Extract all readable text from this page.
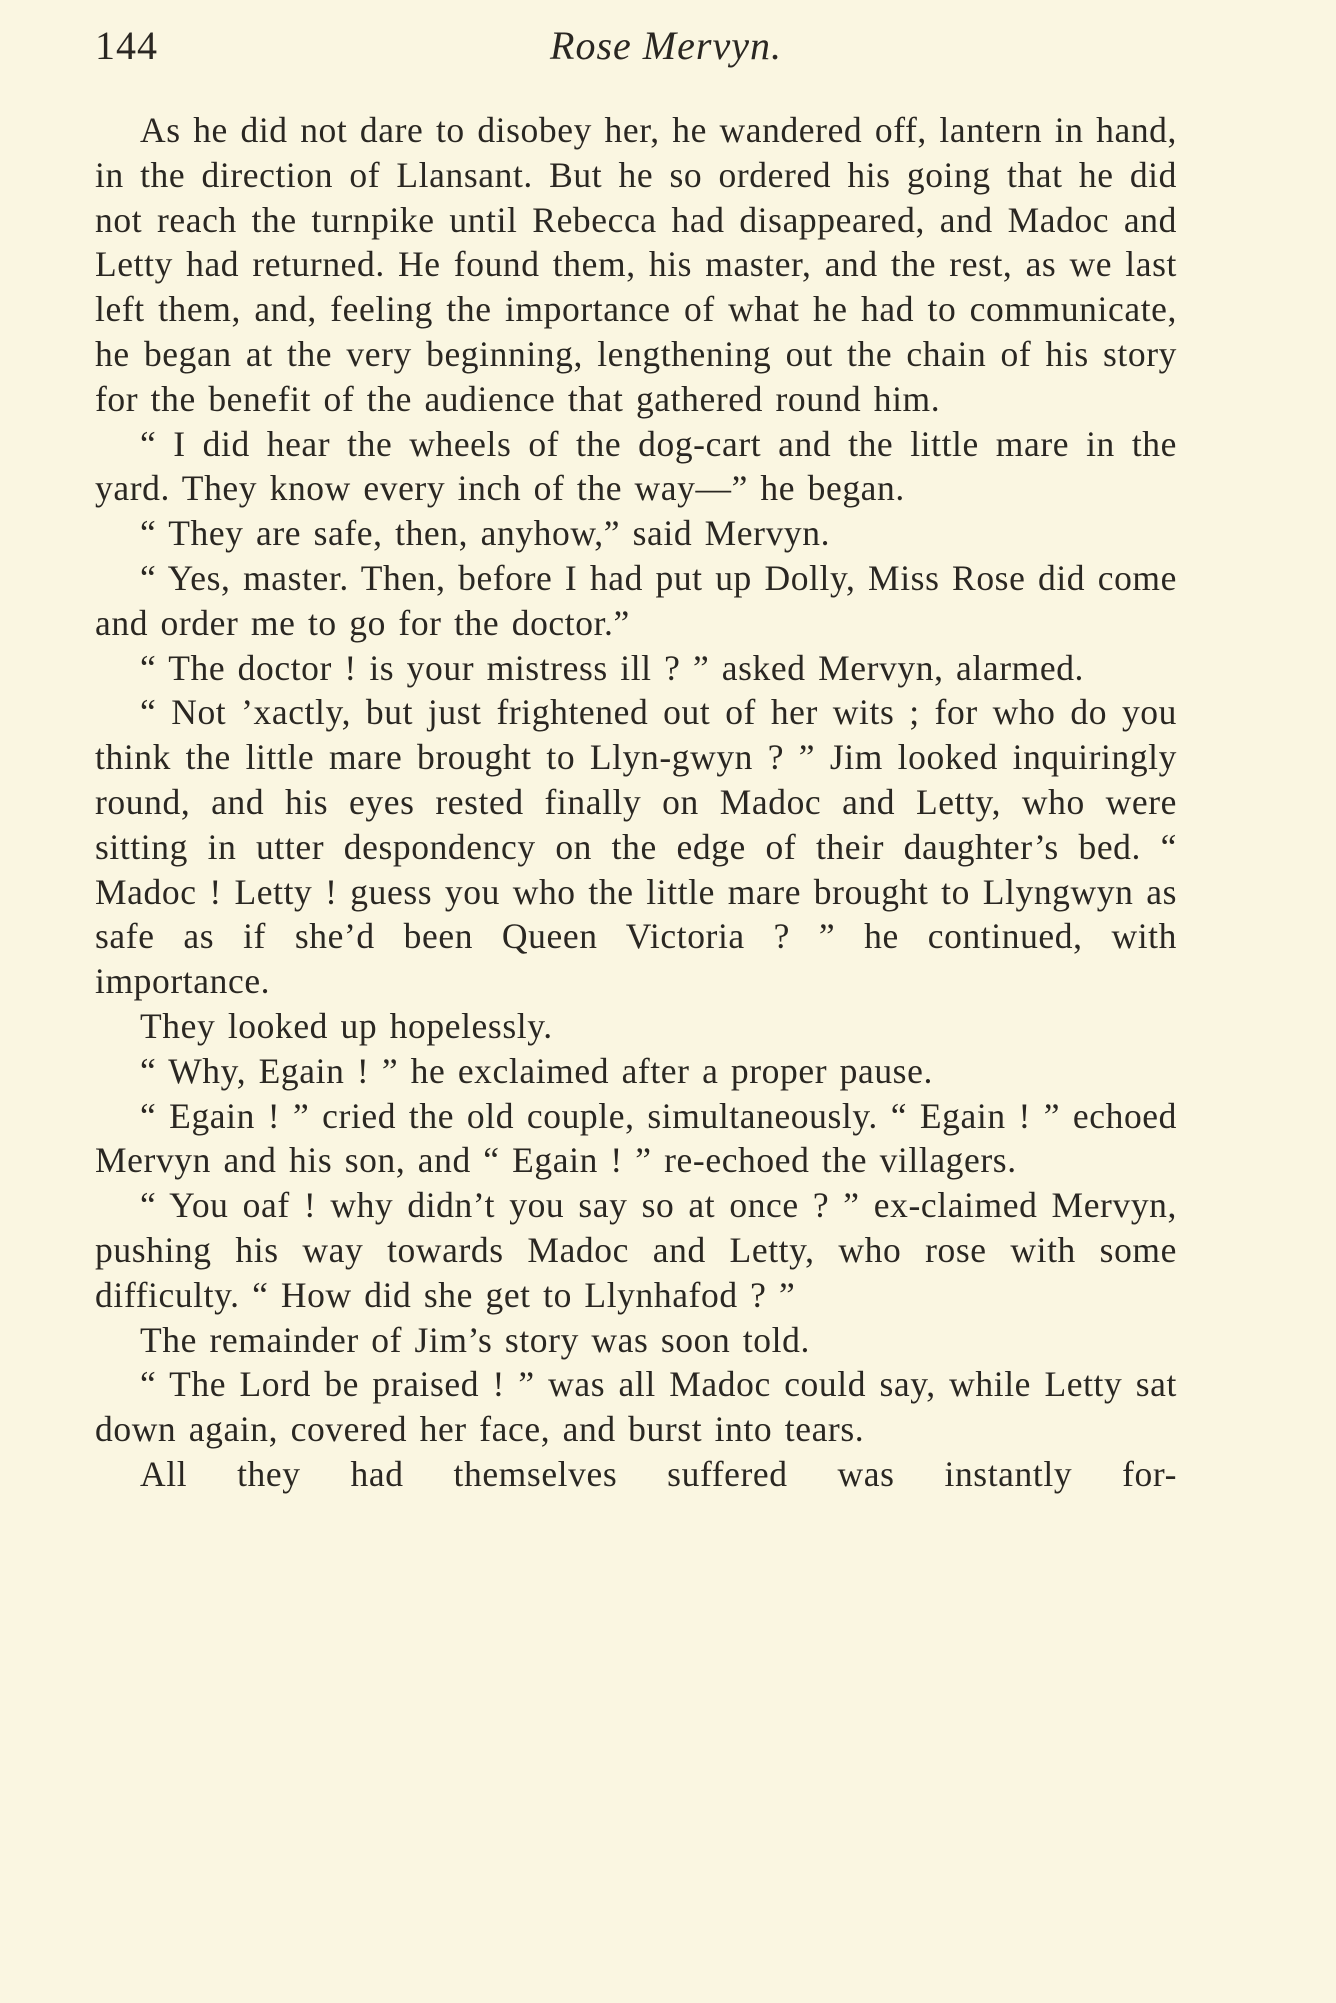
144	Rose Mervyn.

As he did not dare to disobey her, he wandered off, lantern in hand, in the direction of Llansant. But he so ordered his going that he did not reach the turnpike until Rebecca had disappeared, and Madoc and Letty had returned. He found them, his master, and the rest, as we last left them, and, feeling the importance of what he had to communicate, he began at the very beginning, lengthening out the chain of his story for the benefit of the audience that gathered round him.

“ I did hear the wheels of the dog-cart and the little mare in the yard. They know every inch of the way—” he began.

“ They are safe, then, anyhow,” said Mervyn.

“ Yes, master. Then, before I had put up Dolly, Miss Rose did come and order me to go for the doctor.”

“ The doctor ! is your mistress ill ? ” asked Mervyn, alarmed.

“ Not ’xactly, but just frightened out of her wits ; for who do you think the little mare brought to Llyn-gwyn ? ” Jim looked inquiringly round, and his eyes rested finally on Madoc and Letty, who were sitting in utter despondency on the edge of their daughter’s bed. “ Madoc ! Letty ! guess you who the little mare brought to Llyngwyn as safe as if she’d been Queen Victoria ? ” he continued, with importance.

They looked up hopelessly.

“ Why, Egain ! ” he exclaimed after a proper pause.

“ Egain ! ” cried the old couple, simultaneously. “ Egain ! ” echoed Mervyn and his son, and “ Egain ! ” re-echoed the villagers.

“ You oaf ! why didn’t you say so at once ? ” ex-claimed Mervyn, pushing his way towards Madoc and Letty, who rose with some difficulty. “ How did she get to Llynhafod ? ”

The remainder of Jim’s story was soon told.

“ The Lord be praised ! ” was all Madoc could say, while Letty sat down again, covered her face, and burst into tears.

All they had themselves suffered was instantly for-
